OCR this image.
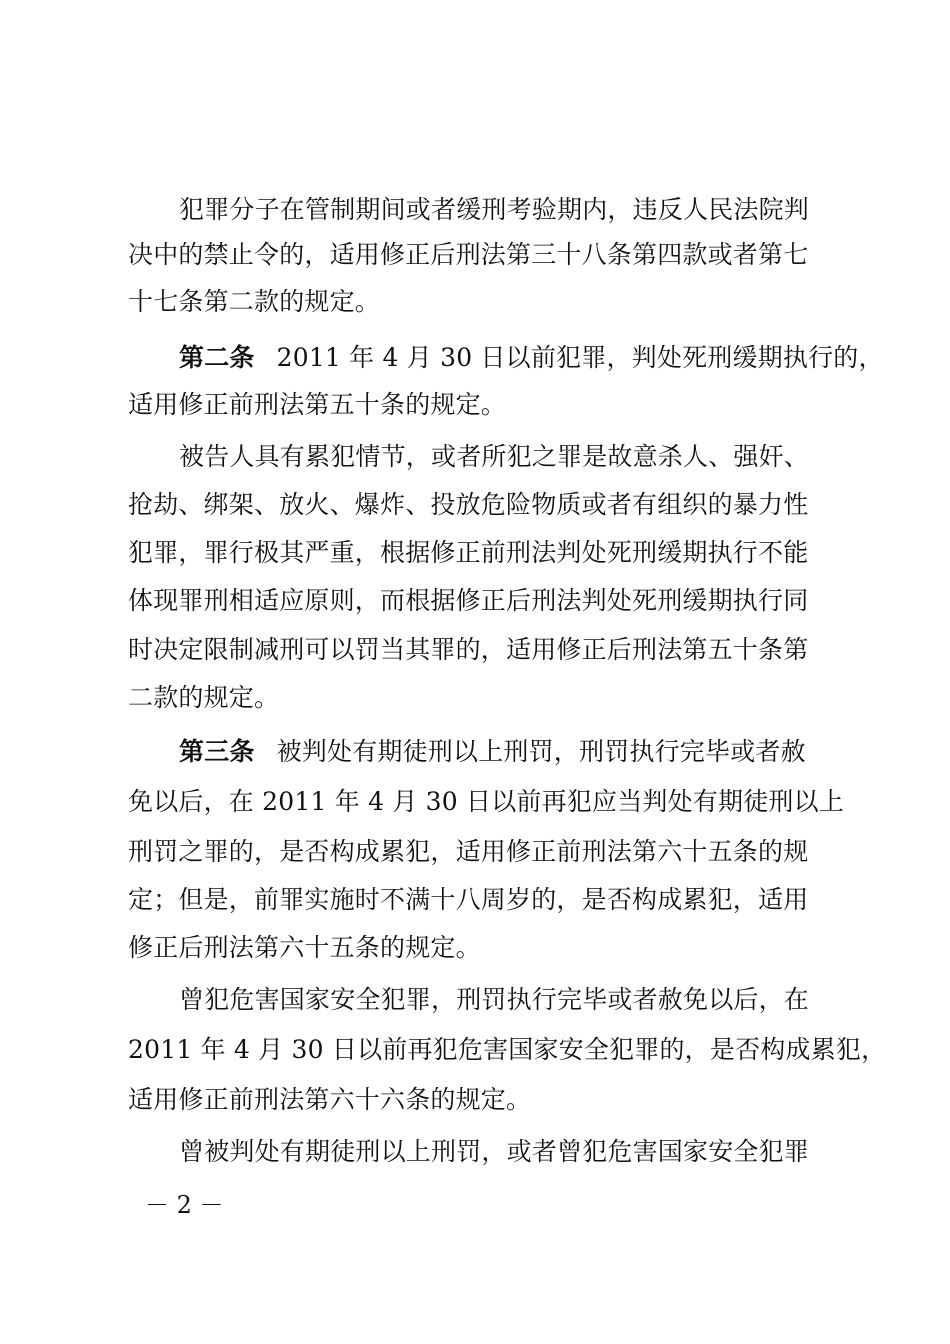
犯罪分子在管制期间或者缓刑考验期内，违反人民法院判
决中的禁止令的，适用修正后刑法第三十八条第四款或者第七
十七条第二款的规定。
第二条 2011 年 4 月 30 日以前犯罪，判处死刑缓期执行的，
适用修正前刑法第五十条的规定。
被告人具有累犯情节，或者所犯之罪是故意杀人、强奸、
抢劫、绑架、放火、爆炸、投放危险物质或者有组织的暴力性
犯罪，罪行极其严重，根据修正前刑法判处死刑缓期执行不能
体现罪刑相适应原则，而根据修正后刑法判处死刑缓期执行同
时决定限制减刑可以罚当其罪的，适用修正后刑法第五十条第
二款的规定。
第三条 被判处有期徒刑以上刑罚，刑罚执行完毕或者赦
免以后，在 2011 年 4 月 30 日以前再犯应当判处有期徒刑以上
刑罚之罪的，是否构成累犯，适用修正前刑法第六十五条的规
定；但是，前罪实施时不满十八周岁的，是否构成累犯，适用
修正后刑法第六十五条的规定。
曾犯危害国家安全犯罪，刑罚执行完毕或者赦免以后，在
2011 年 4 月 30 日以前再犯危害国家安全犯罪的，是否构成累犯，
适用修正前刑法第六十六条的规定。
曾被判处有期徒刑以上刑罚，或者曾犯危害国家安全犯罪
－ 2 －
